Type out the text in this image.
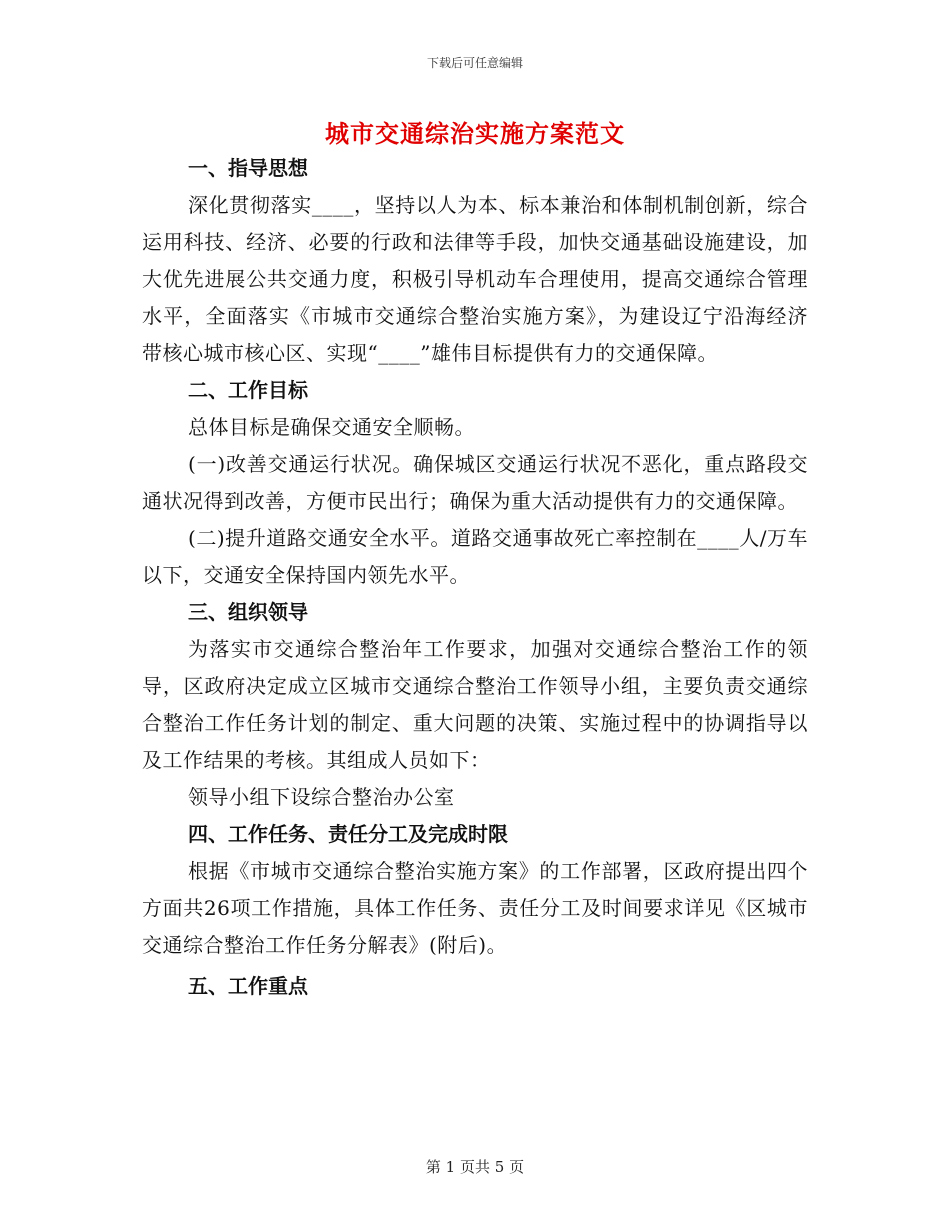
下载后可任意编辑
城市交通综治实施方案范文
一、指导思想

深化贯彻落实____，坚持以人为本、标本兼治和体制机制创新，综合运用科技、经济、必要的行政和法律等手段，加快交通基础设施建设，加大优先进展公共交通力度，积极引导机动车合理使用，提高交通综合管理水平，全面落实《市城市交通综合整治实施方案》，为建设辽宁沿海经济带核心城市核心区、实现“____”雄伟目标提供有力的交通保障。

二、工作目标

总体目标是确保交通安全顺畅。

(一)改善交通运行状况。确保城区交通运行状况不恶化，重点路段交通状况得到改善，方便市民出行；确保为重大活动提供有力的交通保障。

(二)提升道路交通安全水平。道路交通事故死亡率控制在____人/万车以下，交通安全保持国内领先水平。

三、组织领导

为落实市交通综合整治年工作要求，加强对交通综合整治工作的领导，区政府决定成立区城市交通综合整治工作领导小组，主要负责交通综合整治工作任务计划的制定、重大问题的决策、实施过程中的协调指导以及工作结果的考核。其组成人员如下：

领导小组下设综合整治办公室

四、工作任务、责任分工及完成时限

根据《市城市交通综合整治实施方案》的工作部署，区政府提出四个方面共26项工作措施，具体工作任务、责任分工及时间要求详见《区城市交通综合整治工作任务分解表》(附后)。

五、工作重点
第 1 页共 5 页
